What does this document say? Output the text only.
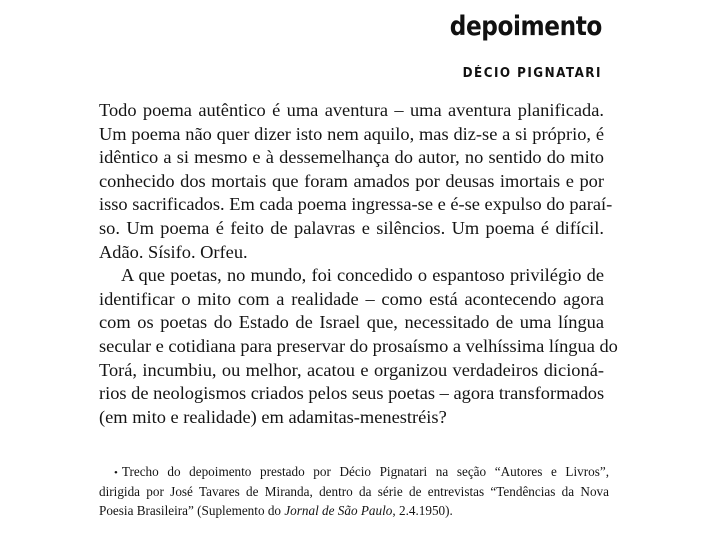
depoimento
DÉCIO PIGNATARI
Todo poema autêntico é uma aventura – uma aventura planificada.
Um poema não quer dizer isto nem aquilo, mas diz-se a si próprio, é
idêntico a si mesmo e à dessemelhança do autor, no sentido do mito
conhecido dos mortais que foram amados por deusas imortais e por
isso sacrificados. Em cada poema ingressa-se e é-se expulso do paraí-
so. Um poema é feito de palavras e silêncios. Um poema é difícil.
Adão. Sísifo. Orfeu.
A que poetas, no mundo, foi concedido o espantoso privilégio de
identificar o mito com a realidade – como está acontecendo agora
com os poetas do Estado de Israel que, necessitado de uma língua
secular e cotidiana para preservar do prosaísmo a velhíssima língua do
Torá, incumbiu, ou melhor, acatou e organizou verdadeiros dicioná-
rios de neologismos criados pelos seus poetas – agora transformados
(em mito e realidade) em adamitas-menestréis?
• Trecho do depoimento prestado por Décio Pignatari na seção “Autores e Livros”,
dirigida por José Tavares de Miranda, dentro da série de entrevistas “Tendências da Nova
Poesia Brasileira” (Suplemento do Jornal de São Paulo, 2.4.1950).
